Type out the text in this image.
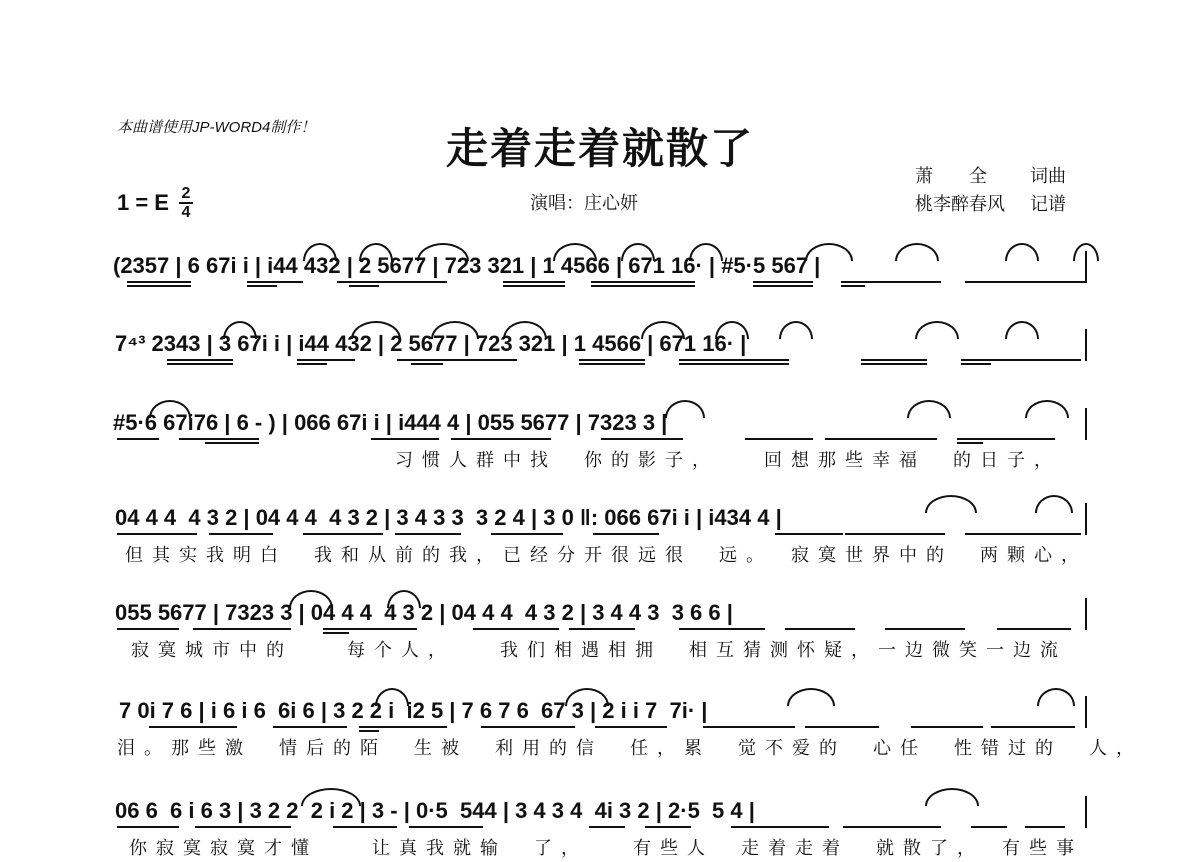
本曲谱使用JP-WORD4制作！	走着走着就散了
1 = E $\frac{2}{4}$	演唱：庄心妍
萧　　全	词曲
桃李醉春风	记谱
(2357 | 6 67i i | i44 432 | 2 5677 | 723 321 | 1 4566 | 671 16· | #5·5 567 |
7⁴³ 2343 | 3 67i i | i44 432 | 2 5677 | 723 321 | 1 4566 | 671 16· |
#5·6 67i76 | 6 - ) | 066 67i i | i444 4 | 055 5677 | 7323 3 |
习惯人群中找　你的影子，　　回想那些幸福　的日子，
04 4 4  4 3 2 | 04 4 4  4 3 2 | 3 4 3 3  3 2 4 | 3 0 ‖: 066 67i i | i434 4 |
但其实我明白　我和从前的我，已经分开很远很　远。　寂寞世界中的　两颗心，
055 5677 | 7323 3 | 04 4 4  4 3 2 | 04 4 4  4 3 2 | 3 4 4 3  3 6 6 |
寂寞城市中的　　每个人，　　我们相遇相拥　相互猜测怀疑，一边微笑一边流
7 0i 7 6 | i 6 i 6  6i 6 | 3 2 2 i  i2 5 | 7 6 7 6  67 3 | 2 i i 7  7i· |
泪。那些激　情后的陌　生被　利用的信　任，累　觉不爱的　心任　性错过的　人，
06 6  6 i 6 3 | 3 2 2  2 i 2 | 3 - | 0·5  544 | 3 4 3 4  4i 3 2 | 2·5  5 4 |
你寂寞寂寞才懂　　让真我就输　了，　　有些人　走着走着　就散了，　有些事
